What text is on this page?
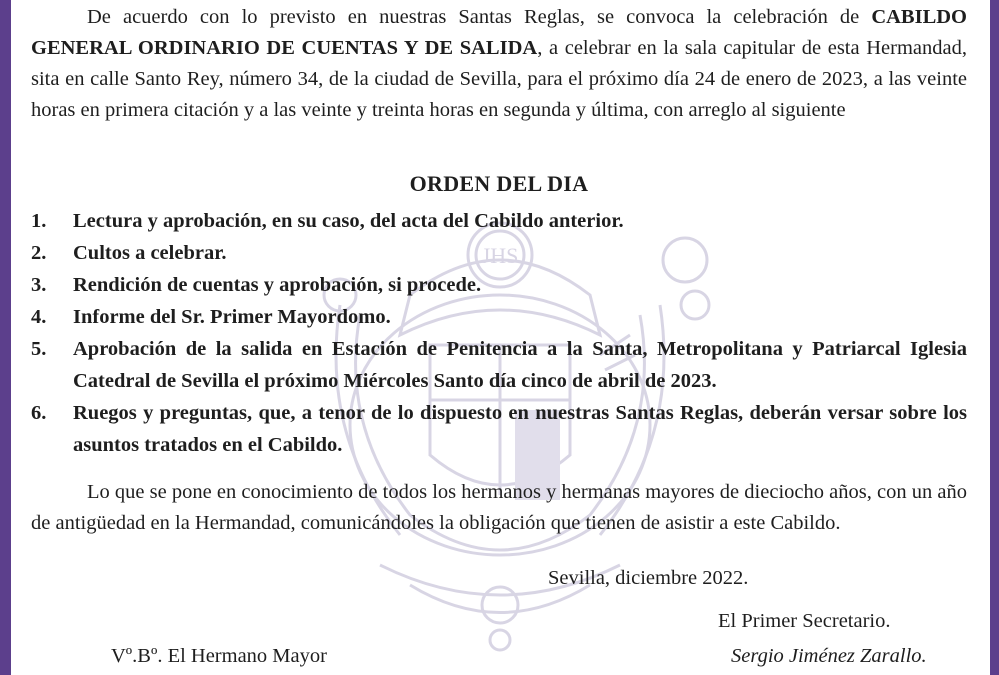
JHS

De acuerdo con lo previsto en nuestras Santas Reglas, se convoca la celebración de CABILDO GENERAL ORDINARIO DE CUENTAS Y DE SALIDA, a celebrar en la sala capitular de esta Hermandad, sita en calle Santo Rey, número 34, de la ciudad de Sevilla, para el próximo día 24 de enero de 2023, a las veinte horas en primera citación y a las veinte y treinta horas en segunda y última, con arreglo al siguiente

ORDEN DEL DIA
1. Lectura y aprobación, en su caso, del acta del Cabildo anterior.
2. Cultos a celebrar.
3. Rendición de cuentas y aprobación, si procede.
4. Informe del Sr. Primer Mayordomo.
5. Aprobación de la salida en Estación de Penitencia a la Santa, Metropolitana y Patriarcal Iglesia Catedral de Sevilla el próximo Miércoles Santo día cinco de abril de 2023.
6. Ruegos y preguntas, que, a tenor de lo dispuesto en nuestras Santas Reglas, deberán versar sobre los asuntos tratados en el Cabildo.

Lo que se pone en conocimiento de todos los hermanos y hermanas mayores de dieciocho años, con un año de antigüedad en la Hermandad, comunicándoles la obligación que tienen de asistir a este Cabildo.

Sevilla, diciembre 2022.
El Primer Secretario.
Vº.Bº. El Hermano Mayor	Sergio Jiménez Zarallo.
